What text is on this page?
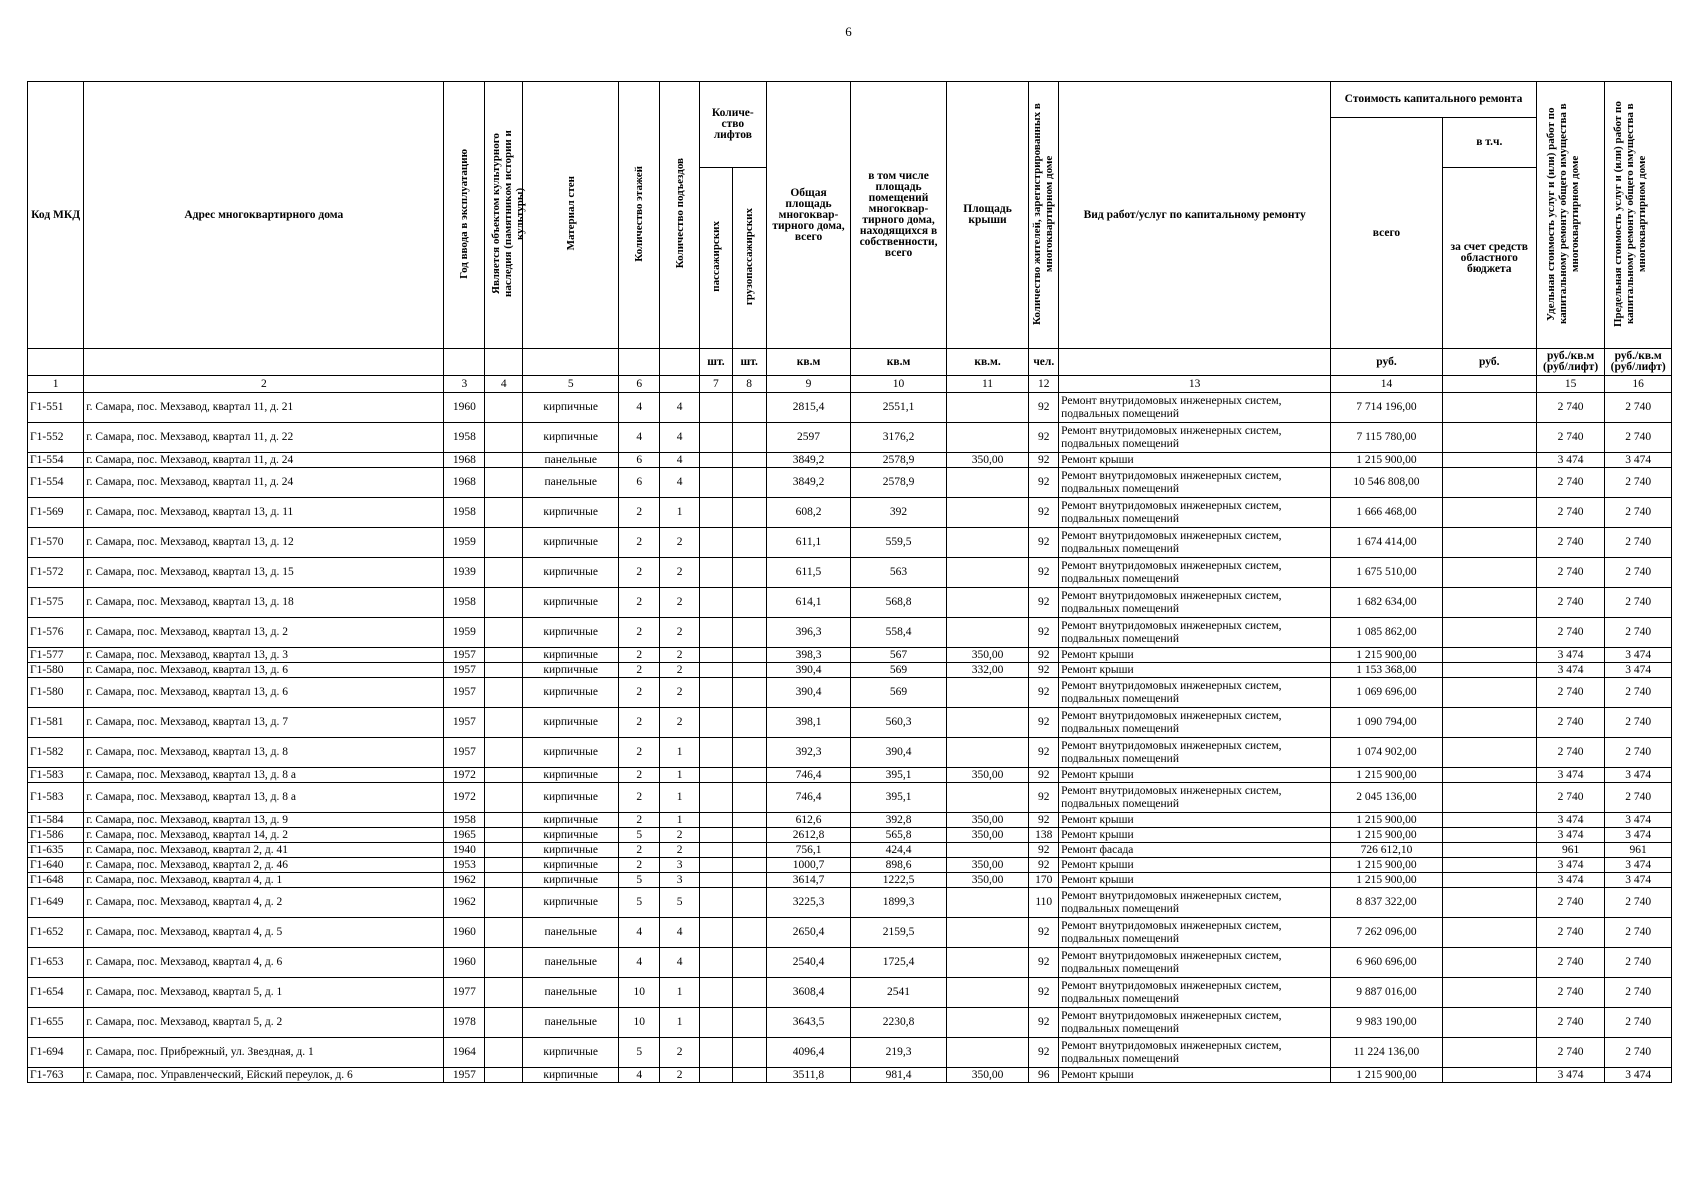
6
Код МКД	Адрес многоквартирного дома	Год ввода в эксплуатацию	Является объектом культурного наследия (памятником истории и культуры)	Материал стен	Количество этажей	Количество подъездов	Количе-ство лифтов		Общая площадь многоквар-тирного дома, всего	в том числе площадь помещений многоквар-тирного дома, находящихся в собственности, всего	Площадь крыши	Количество жителей, зарегистрированных в многоквартирном доме	Вид работ/услуг по капитальному ремонту	Стоимость капитального ремонта		Удельная стоимость услуг и (или) работ по капитальному ремонту общего имущества в многоквартирном доме	Предельная стоимость услуг и (или) работ по капитальному ремонту общего имущества в многоквартирном доме
														всего	в т.ч.		
							пассажирских	грузопассажирских							за счет средств областного бюджета		
							шт.	шт.	кв.м	кв.м	кв.м.	чел.		руб.	руб.	руб./кв.м (руб/лифт)	руб./кв.м (руб/лифт)
1	2	3	4	5	6		7	8	9	10	11	12	13	14		15	16
Г1-551	г. Самара, пос. Мехзавод, квартал 11, д. 21	1960		кирпичные	4	4			2815,4	2551,1		92	Ремонт внутридомовых инженерных систем, подвальных помещений	7 714 196,00		2 740	2 740
Г1-552	г. Самара, пос. Мехзавод, квартал 11, д. 22	1958		кирпичные	4	4			2597	3176,2		92	Ремонт внутридомовых инженерных систем, подвальных помещений	7 115 780,00		2 740	2 740
Г1-554	г. Самара, пос. Мехзавод, квартал 11, д. 24	1968		панельные	6	4			3849,2	2578,9	350,00	92	Ремонт крыши	1 215 900,00		3 474	3 474
Г1-554	г. Самара, пос. Мехзавод, квартал 11, д. 24	1968		панельные	6	4			3849,2	2578,9		92	Ремонт внутридомовых инженерных систем, подвальных помещений	10 546 808,00		2 740	2 740
Г1-569	г. Самара, пос. Мехзавод, квартал 13, д. 11	1958		кирпичные	2	1			608,2	392		92	Ремонт внутридомовых инженерных систем, подвальных помещений	1 666 468,00		2 740	2 740
Г1-570	г. Самара, пос. Мехзавод, квартал 13, д. 12	1959		кирпичные	2	2			611,1	559,5		92	Ремонт внутридомовых инженерных систем, подвальных помещений	1 674 414,00		2 740	2 740
Г1-572	г. Самара, пос. Мехзавод, квартал 13, д. 15	1939		кирпичные	2	2			611,5	563		92	Ремонт внутридомовых инженерных систем, подвальных помещений	1 675 510,00		2 740	2 740
Г1-575	г. Самара, пос. Мехзавод, квартал 13, д. 18	1958		кирпичные	2	2			614,1	568,8		92	Ремонт внутридомовых инженерных систем, подвальных помещений	1 682 634,00		2 740	2 740
Г1-576	г. Самара, пос. Мехзавод, квартал 13, д. 2	1959		кирпичные	2	2			396,3	558,4		92	Ремонт внутридомовых инженерных систем, подвальных помещений	1 085 862,00		2 740	2 740
Г1-577	г. Самара, пос. Мехзавод, квартал 13, д. 3	1957		кирпичные	2	2			398,3	567	350,00	92	Ремонт крыши	1 215 900,00		3 474	3 474
Г1-580	г. Самара, пос. Мехзавод, квартал 13, д. 6	1957		кирпичные	2	2			390,4	569	332,00	92	Ремонт крыши	1 153 368,00		3 474	3 474
Г1-580	г. Самара, пос. Мехзавод, квартал 13, д. 6	1957		кирпичные	2	2			390,4	569		92	Ремонт внутридомовых инженерных систем, подвальных помещений	1 069 696,00		2 740	2 740
Г1-581	г. Самара, пос. Мехзавод, квартал 13, д. 7	1957		кирпичные	2	2			398,1	560,3		92	Ремонт внутридомовых инженерных систем, подвальных помещений	1 090 794,00		2 740	2 740
Г1-582	г. Самара, пос. Мехзавод, квартал 13, д. 8	1957		кирпичные	2	1			392,3	390,4		92	Ремонт внутридомовых инженерных систем, подвальных помещений	1 074 902,00		2 740	2 740
Г1-583	г. Самара, пос. Мехзавод, квартал 13, д. 8 а	1972		кирпичные	2	1			746,4	395,1	350,00	92	Ремонт крыши	1 215 900,00		3 474	3 474
Г1-583	г. Самара, пос. Мехзавод, квартал 13, д. 8 а	1972		кирпичные	2	1			746,4	395,1		92	Ремонт внутридомовых инженерных систем, подвальных помещений	2 045 136,00		2 740	2 740
Г1-584	г. Самара, пос. Мехзавод, квартал 13, д. 9	1958		кирпичные	2	1			612,6	392,8	350,00	92	Ремонт крыши	1 215 900,00		3 474	3 474
Г1-586	г. Самара, пос. Мехзавод, квартал 14, д. 2	1965		кирпичные	5	2			2612,8	565,8	350,00	138	Ремонт крыши	1 215 900,00		3 474	3 474
Г1-635	г. Самара, пос. Мехзавод, квартал 2, д. 41	1940		кирпичные	2	2			756,1	424,4		92	Ремонт фасада	726 612,10		961	961
Г1-640	г. Самара, пос. Мехзавод, квартал 2, д. 46	1953		кирпичные	2	3			1000,7	898,6	350,00	92	Ремонт крыши	1 215 900,00		3 474	3 474
Г1-648	г. Самара, пос. Мехзавод, квартал 4, д. 1	1962		кирпичные	5	3			3614,7	1222,5	350,00	170	Ремонт крыши	1 215 900,00		3 474	3 474
Г1-649	г. Самара, пос. Мехзавод, квартал 4, д. 2	1962		кирпичные	5	5			3225,3	1899,3		110	Ремонт внутридомовых инженерных систем, подвальных помещений	8 837 322,00		2 740	2 740
Г1-652	г. Самара, пос. Мехзавод, квартал 4, д. 5	1960		панельные	4	4			2650,4	2159,5		92	Ремонт внутридомовых инженерных систем, подвальных помещений	7 262 096,00		2 740	2 740
Г1-653	г. Самара, пос. Мехзавод, квартал 4, д. 6	1960		панельные	4	4			2540,4	1725,4		92	Ремонт внутридомовых инженерных систем, подвальных помещений	6 960 696,00		2 740	2 740
Г1-654	г. Самара, пос. Мехзавод, квартал 5, д. 1	1977		панельные	10	1			3608,4	2541		92	Ремонт внутридомовых инженерных систем, подвальных помещений	9 887 016,00		2 740	2 740
Г1-655	г. Самара, пос. Мехзавод, квартал 5, д. 2	1978		панельные	10	1			3643,5	2230,8		92	Ремонт внутридомовых инженерных систем, подвальных помещений	9 983 190,00		2 740	2 740
Г1-694	г. Самара, пос. Прибрежный, ул. Звездная, д. 1	1964		кирпичные	5	2			4096,4	219,3		92	Ремонт внутридомовых инженерных систем, подвальных помещений	11 224 136,00		2 740	2 740
Г1-763	г. Самара, пос. Управленческий, Ейский переулок, д. 6	1957		кирпичные	4	2			3511,8	981,4	350,00	96	Ремонт крыши	1 215 900,00		3 474	3 474
